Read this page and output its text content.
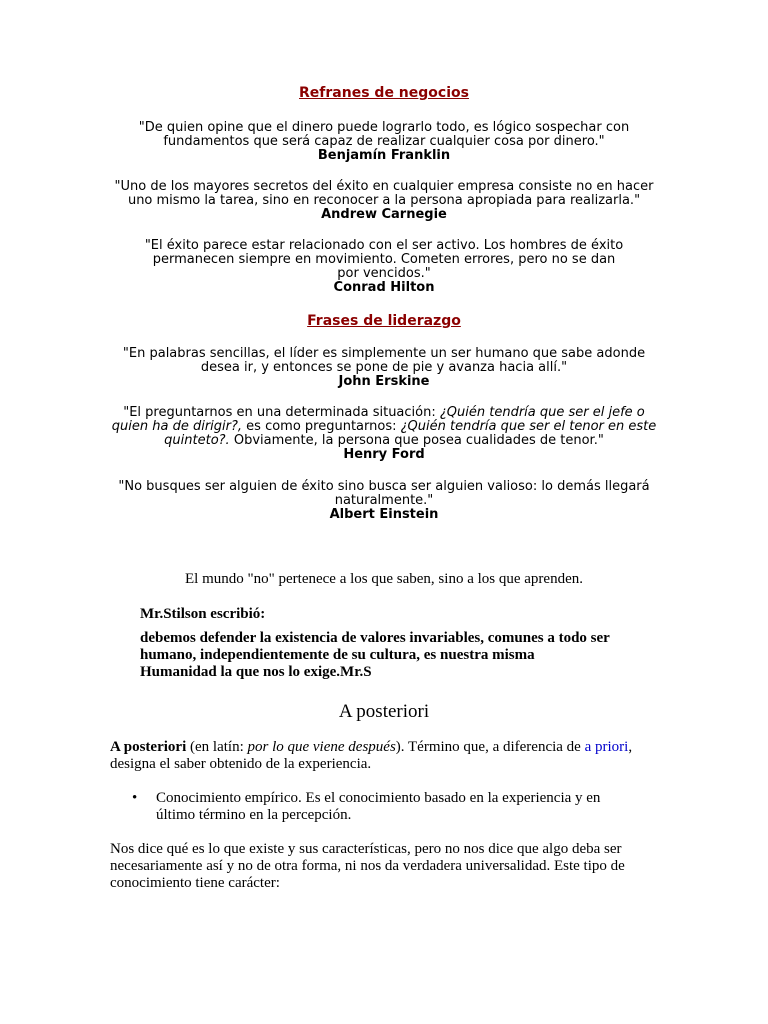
Refranes de negocios
"De quien opine que el dinero puede lograrlo todo, es lógico sospechar con fundamentos que será capaz de realizar cualquier cosa por dinero."
Benjamín Franklin
"Uno de los mayores secretos del éxito en cualquier empresa consiste no en hacer uno mismo la tarea, sino en reconocer a la persona apropiada para realizarla."
Andrew Carnegie
"El éxito parece estar relacionado con el ser activo. Los hombres de éxito permanecen siempre en movimiento. Cometen errores, pero no se dan por vencidos."
Conrad Hilton
Frases de liderazgo
"En palabras sencillas, el líder es simplemente un ser humano que sabe adonde desea ir, y entonces se pone de pie y avanza hacia allí."
John Erskine
"El preguntarnos en una determinada situación: ¿Quién tendría que ser el jefe o quien ha de dirigir?, es como preguntarnos: ¿Quién tendría que ser el tenor en este quinteto?. Obviamente, la persona que posea cualidades de tenor."
Henry Ford
"No busques ser alguien de éxito sino busca ser alguien valioso: lo demás llegará naturalmente."
Albert Einstein
El mundo "no" pertenece a los que saben, sino a los que aprenden.
Mr.Stilson escribió:
debemos defender la existencia de valores invariables, comunes a todo ser
humano, independientemente de su cultura, es nuestra misma
Humanidad la que nos lo exige.Mr.S
A posteriori
A posteriori (en latín: por lo que viene después). Término que, a diferencia de a priori, designa el saber obtenido de la experiencia.
• Conocimiento empírico. Es el conocimiento basado en la experiencia y en último término en la percepción.
Nos dice qué es lo que existe y sus características, pero no nos dice que algo deba ser necesariamente así y no de otra forma, ni nos da verdadera universalidad. Este tipo de conocimiento tiene carácter:
